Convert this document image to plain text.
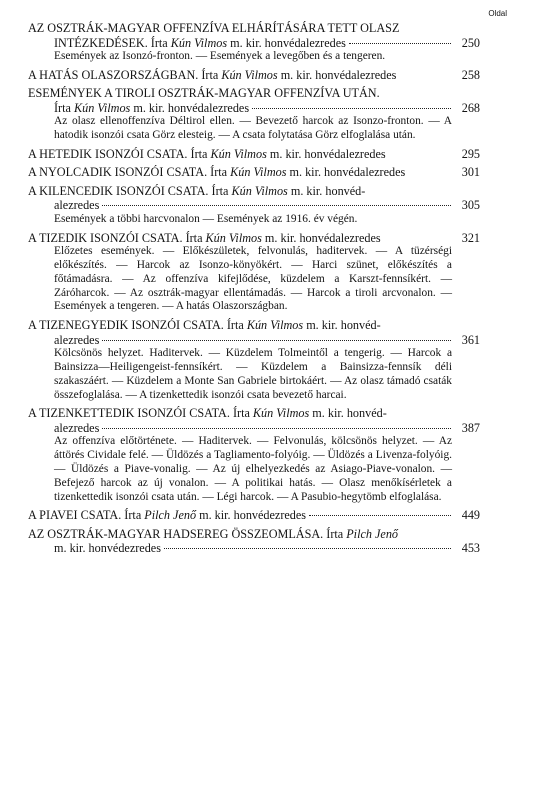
Oldal
AZ OSZTRÁK-MAGYAR OFFENZÍVA ELHÁRÍTÁSÁRA TETT OLASZ
INTÉZKEDÉSEK. Írta Kún Vilmos m. kir. honvédalezredes	250
Események az Isonzó-fronton. — Események a levegőben és a tengeren.
A HATÁS OLASZORSZÁGBAN. Írta Kún Vilmos m. kir. honvédalezredes	258
ESEMÉNYEK A TIROLI OSZTRÁK-MAGYAR OFFENZÍVA UTÁN.
Írta Kún Vilmos m. kir. honvédalezredes	268
Az olasz ellenoffenzíva Déltirol ellen. — Bevezető harcok az Isonzo-fronton. — A hatodik isonzói csata Görz elesteig. — A csata folytatása Görz elfoglalása után.
A HETEDIK ISONZÓI CSATA. Írta Kún Vilmos m. kir. honvédalezredes	295
A NYOLCADIK ISONZÓI CSATA. Írta Kún Vilmos m. kir. honvédalezredes	301
A KILENCEDIK ISONZÓI CSATA. Írta Kún Vilmos m. kir. honvéd-
alezredes	305
Események a többi harcvonalon — Események az 1916. év végén.
A TIZEDIK ISONZÓI CSATA. Írta Kún Vilmos m. kir. honvédalezredes	321
Előzetes események. — Előkészületek, felvonulás, haditervek. — A tüzérségi előkészítés. — Harcok az Isonzo-könyökért. — Harci szünet, előkészítés a főtámadásra. — Az offenzíva kifejlődése, küzdelem a Karszt-fennsíkért. — Záróharcok. — Az osztrák-magyar ellentámadás. — Harcok a tiroli arcvonalon. — Események a tengeren. — A hatás Olaszországban.
A TIZENEGYEDIK ISONZÓI CSATA. Írta Kún Vilmos m. kir. honvéd-
alezredes	361
Kölcsönös helyzet. Haditervek. — Küzdelem Tolmeintől a tengerig. — Harcok a Bainsizza—Heiligengeist-fennsíkért. — Küzdelem a Bainsizza-fennsík déli szakaszáért. — Küzdelem a Monte San Gabriele birtokáért. — Az olasz támadó csaták összefoglalása. — A tizenkettedik isonzói csata bevezető harcai.
A TIZENKETTEDIK ISONZÓI CSATA. Írta Kún Vilmos m. kir. honvéd-
alezredes	387
Az offenzíva előtörténete. — Haditervek. — Felvonulás, kölcsönös helyzet. — Az áttörés Cividale felé. — Üldözés a Tagliamento-folyóig. — Üldözés a Livenza-folyóig. — Üldözés a Piave-vonalig. — Az új elhelyezkedés az Asiago-Piave-vonalon. — Befejező harcok az új vonalon. — A politikai hatás. — Olasz menőkísérletek a tizenkettedik isonzói csata után. — Légi harcok. — A Pasubio-hegytömb elfoglalása.
A PIAVEI CSATA. Írta Pilch Jenő m. kir. honvédezredes	449
AZ OSZTRÁK-MAGYAR HADSEREG ÖSSZEOMLÁSA. Írta Pilch Jenő
m. kir. honvédezredes	453
